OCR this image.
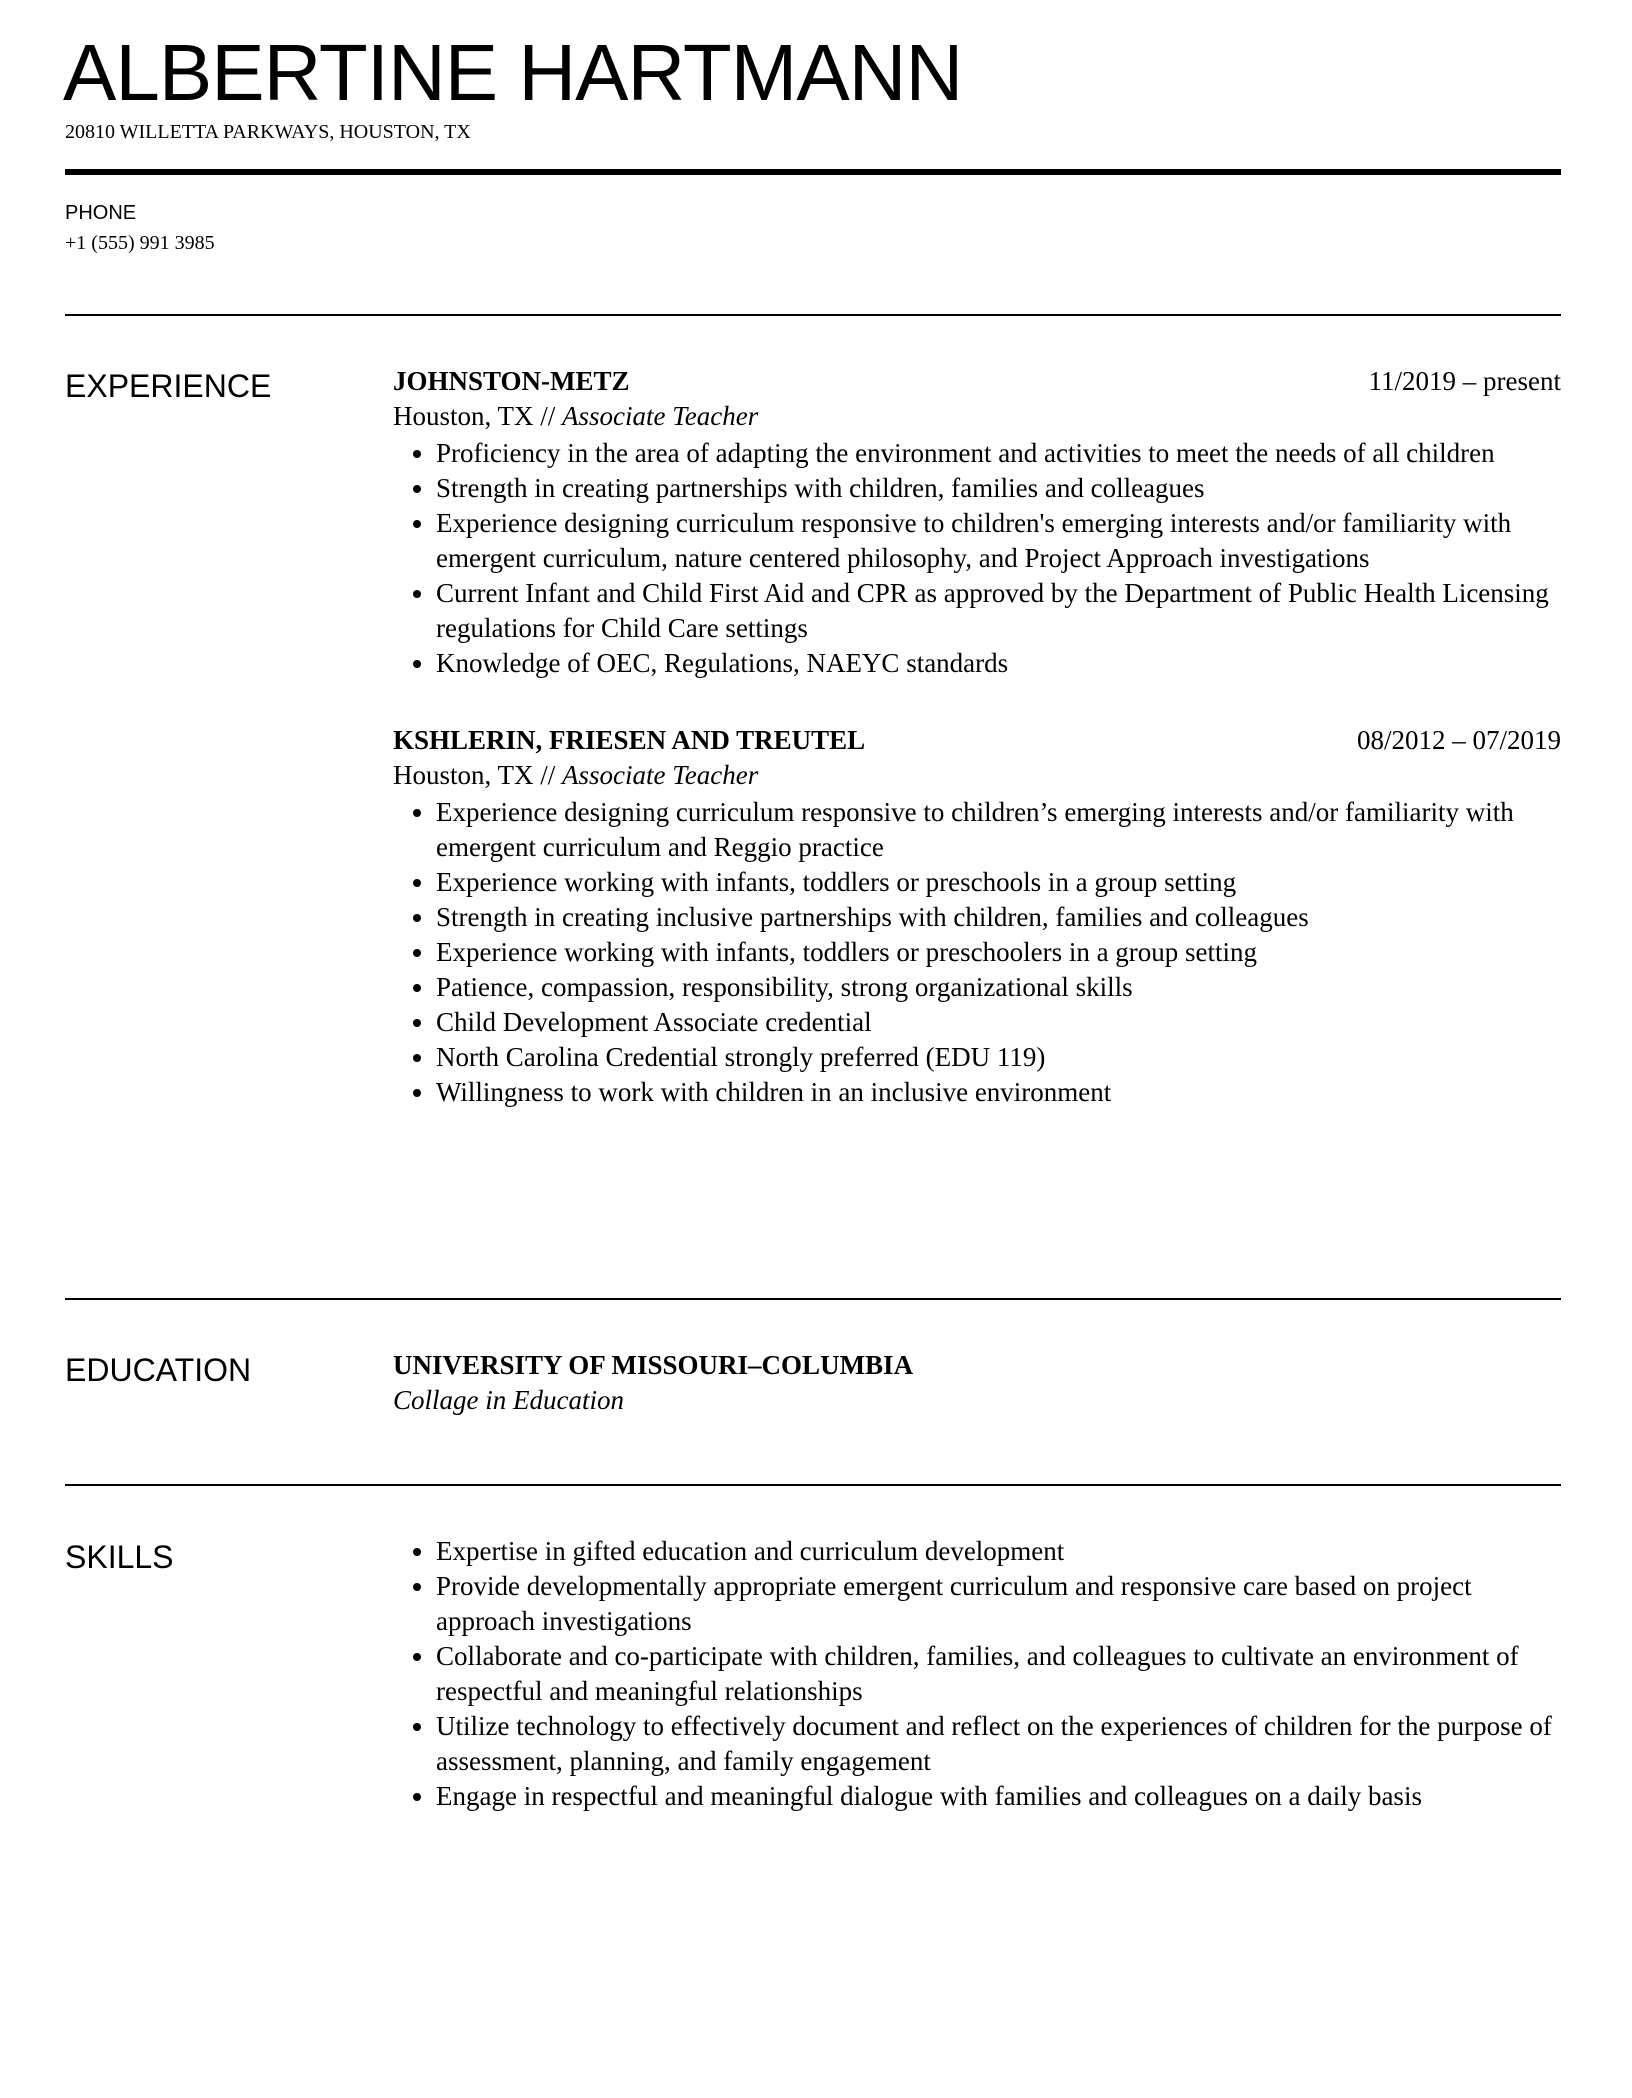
ALBERTINE HARTMANN
20810 WILLETTA PARKWAYS, HOUSTON, TX
PHONE
+1 (555) 991 3985
EXPERIENCE	JOHNSTON-METZ	11/2019 – present
Houston, TX // Associate Teacher
• Proficiency in the area of adapting the environment and activities to meet the needs of all children
• Strength in creating partnerships with children, families and colleagues
• Experience designing curriculum responsive to children's emerging interests and/or familiarity with emergent curriculum, nature centered philosophy, and Project Approach investigations
• Current Infant and Child First Aid and CPR as approved by the Department of Public Health Licensing regulations for Child Care settings
• Knowledge of OEC, Regulations, NAEYC standards
KSHLERIN, FRIESEN AND TREUTEL	08/2012 – 07/2019
Houston, TX // Associate Teacher
• Experience designing curriculum responsive to children’s emerging interests and/or familiarity with emergent curriculum and Reggio practice
• Experience working with infants, toddlers or preschools in a group setting
• Strength in creating inclusive partnerships with children, families and colleagues
• Experience working with infants, toddlers or preschoolers in a group setting
• Patience, compassion, responsibility, strong organizational skills
• Child Development Associate credential
• North Carolina Credential strongly preferred (EDU 119)
• Willingness to work with children in an inclusive environment
EDUCATION	UNIVERSITY OF MISSOURI–COLUMBIA
Collage in Education
SKILLS	• Expertise in gifted education and curriculum development
• Provide developmentally appropriate emergent curriculum and responsive care based on project approach investigations
• Collaborate and co-participate with children, families, and colleagues to cultivate an environment of respectful and meaningful relationships
• Utilize technology to effectively document and reflect on the experiences of children for the purpose of assessment, planning, and family engagement
• Engage in respectful and meaningful dialogue with families and colleagues on a daily basis
